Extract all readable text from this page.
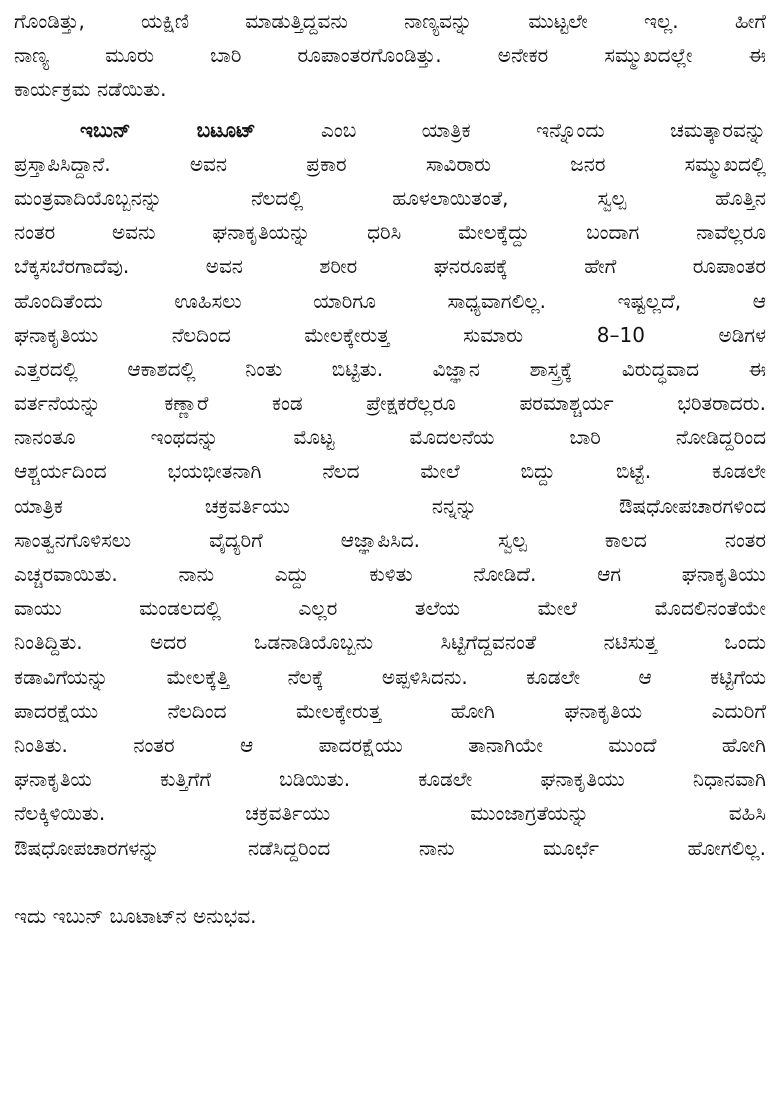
ಗೊಂಡಿತ್ತು, ಯಕ್ಷಿಣಿ ಮಾಡುತ್ತಿದ್ದವನು ನಾಣ್ಯವನ್ನು ಮುಟ್ಟಲೇ ಇಲ್ಲ. ಹೀಗೆ
ನಾಣ್ಯ ಮೂರು ಬಾರಿ ರೂಪಾಂತರಗೊಂಡಿತ್ತು. ಅನೇಕರ ಸಮ್ಮುಖದಲ್ಲೇ ಈ
ಕಾರ್ಯಕ್ರಮ ನಡೆಯಿತು.
ಇಬುನ್ ಬಟೂಟ್ ಎಂಬ ಯಾತ್ರಿಕ ಇನ್ನೊಂದು ಚಮತ್ಕಾರವನ್ನು
ಪ್ರಸ್ತಾಪಿಸಿದ್ದಾನೆ. ಅವನ ಪ್ರಕಾರ ಸಾವಿರಾರು ಜನರ ಸಮ್ಮುಖದಲ್ಲಿ
ಮಂತ್ರವಾದಿಯೊಬ್ಬನನ್ನು ನೆಲದಲ್ಲಿ ಹೂಳಲಾಯಿತಂತೆ, ಸ್ವಲ್ಪ ಹೊತ್ತಿನ
ನಂತರ ಅವನು ಘನಾಕೃತಿಯನ್ನು ಧರಿಸಿ ಮೇಲಕ್ಕೆದ್ದು ಬಂದಾಗ ನಾವೆಲ್ಲರೂ
ಬೆಕ್ಕಸಬೆರಗಾದೆವು. ಅವನ ಶರೀರ ಘನರೂಪಕ್ಕೆ ಹೇಗೆ ರೂಪಾಂತರ
ಹೊಂದಿತೆಂದು ಊಹಿಸಲು ಯಾರಿಗೂ ಸಾಧ್ಯವಾಗಲಿಲ್ಲ. ಇಷ್ಟಲ್ಲದೆ, ಆ
ಘನಾಕೃತಿಯು ನೆಲದಿಂದ ಮೇಲಕ್ಕೇರುತ್ತ ಸುಮಾರು 8–10 ಅಡಿಗಳ
ಎತ್ತರದಲ್ಲಿ ಆಕಾಶದಲ್ಲಿ ನಿಂತು ಬಿಟ್ಟಿತು. ವಿಜ್ಞಾನ ಶಾಸ್ತ್ರಕ್ಕೆ ವಿರುದ್ಧವಾದ ಈ
ವರ್ತನೆಯನ್ನು ಕಣ್ಣಾರೆ ಕಂಡ ಪ್ರೇಕ್ಷಕರೆಲ್ಲರೂ ಪರಮಾಶ್ಚರ್ಯ ಭರಿತರಾದರು.
ನಾನಂತೂ ಇಂಥದನ್ನು ಮೊಟ್ಟ ಮೊದಲನೆಯ ಬಾರಿ ನೋಡಿದ್ದರಿಂದ
ಆಶ್ಚರ್ಯದಿಂದ ಭಯಭೀತನಾಗಿ ನೆಲದ ಮೇಲೆ ಬಿದ್ದು ಬಿಟ್ಟೆ. ಕೂಡಲೇ
ಯಾತ್ರಿಕ ಚಕ್ರವರ್ತಿಯು ನನ್ನನ್ನು ಔಷಧೋಪಚಾರಗಳಿಂದ
ಸಾಂತ್ವನಗೊಳಿಸಲು ವೈದ್ಯರಿಗೆ ಆಜ್ಞಾಪಿಸಿದ. ಸ್ವಲ್ಪ ಕಾಲದ ನಂತರ
ಎಚ್ಚರವಾಯಿತು. ನಾನು ಎದ್ದು ಕುಳಿತು ನೋಡಿದೆ. ಆಗ ಘನಾಕೃತಿಯು
ವಾಯು ಮಂಡಲದಲ್ಲಿ ಎಲ್ಲರ ತಲೆಯ ಮೇಲೆ ಮೊದಲಿನಂತೆಯೇ
ನಿಂತಿದ್ದಿತು. ಅದರ ಒಡನಾಡಿಯೊಬ್ಬನು ಸಿಟ್ಟಿಗೆದ್ದವನಂತೆ ನಟಿಸುತ್ತ ಒಂದು
ಕಡಾವಿಗೆಯನ್ನು ಮೇಲಕ್ಕೆತ್ತಿ ನೆಲಕ್ಕೆ ಅಪ್ಪಳಿಸಿದನು. ಕೂಡಲೇ ಆ ಕಟ್ಟಿಗೆಯ
ಪಾದರಕ್ಷೆಯು ನೆಲದಿಂದ ಮೇಲಕ್ಕೇರುತ್ತ ಹೋಗಿ ಘನಾಕೃತಿಯ ಎದುರಿಗೆ
ನಿಂತಿತು. ನಂತರ ಆ ಪಾದರಕ್ಷೆಯು ತಾನಾಗಿಯೇ ಮುಂದೆ ಹೋಗಿ
ಘನಾಕೃತಿಯ ಕುತ್ತಿಗೆಗೆ ಬಡಿಯಿತು. ಕೂಡಲೇ ಘನಾಕೃತಿಯು ನಿಧಾನವಾಗಿ
ನೆಲಕ್ಕಿಳಿಯಿತು. ಚಕ್ರವರ್ತಿಯು ಮುಂಜಾಗ್ರತೆಯನ್ನು ವಹಿಸಿ
ಔಷಧೋಪಚಾರಗಳನ್ನು ನಡೆಸಿದ್ದರಿಂದ ನಾನು ಮೂರ್ಛೆ ಹೋಗಲಿಲ್ಲ.
ಇದು ಇಬುನ್ ಬೂಟಾಟ್‌ನ ಅನುಭವ.
